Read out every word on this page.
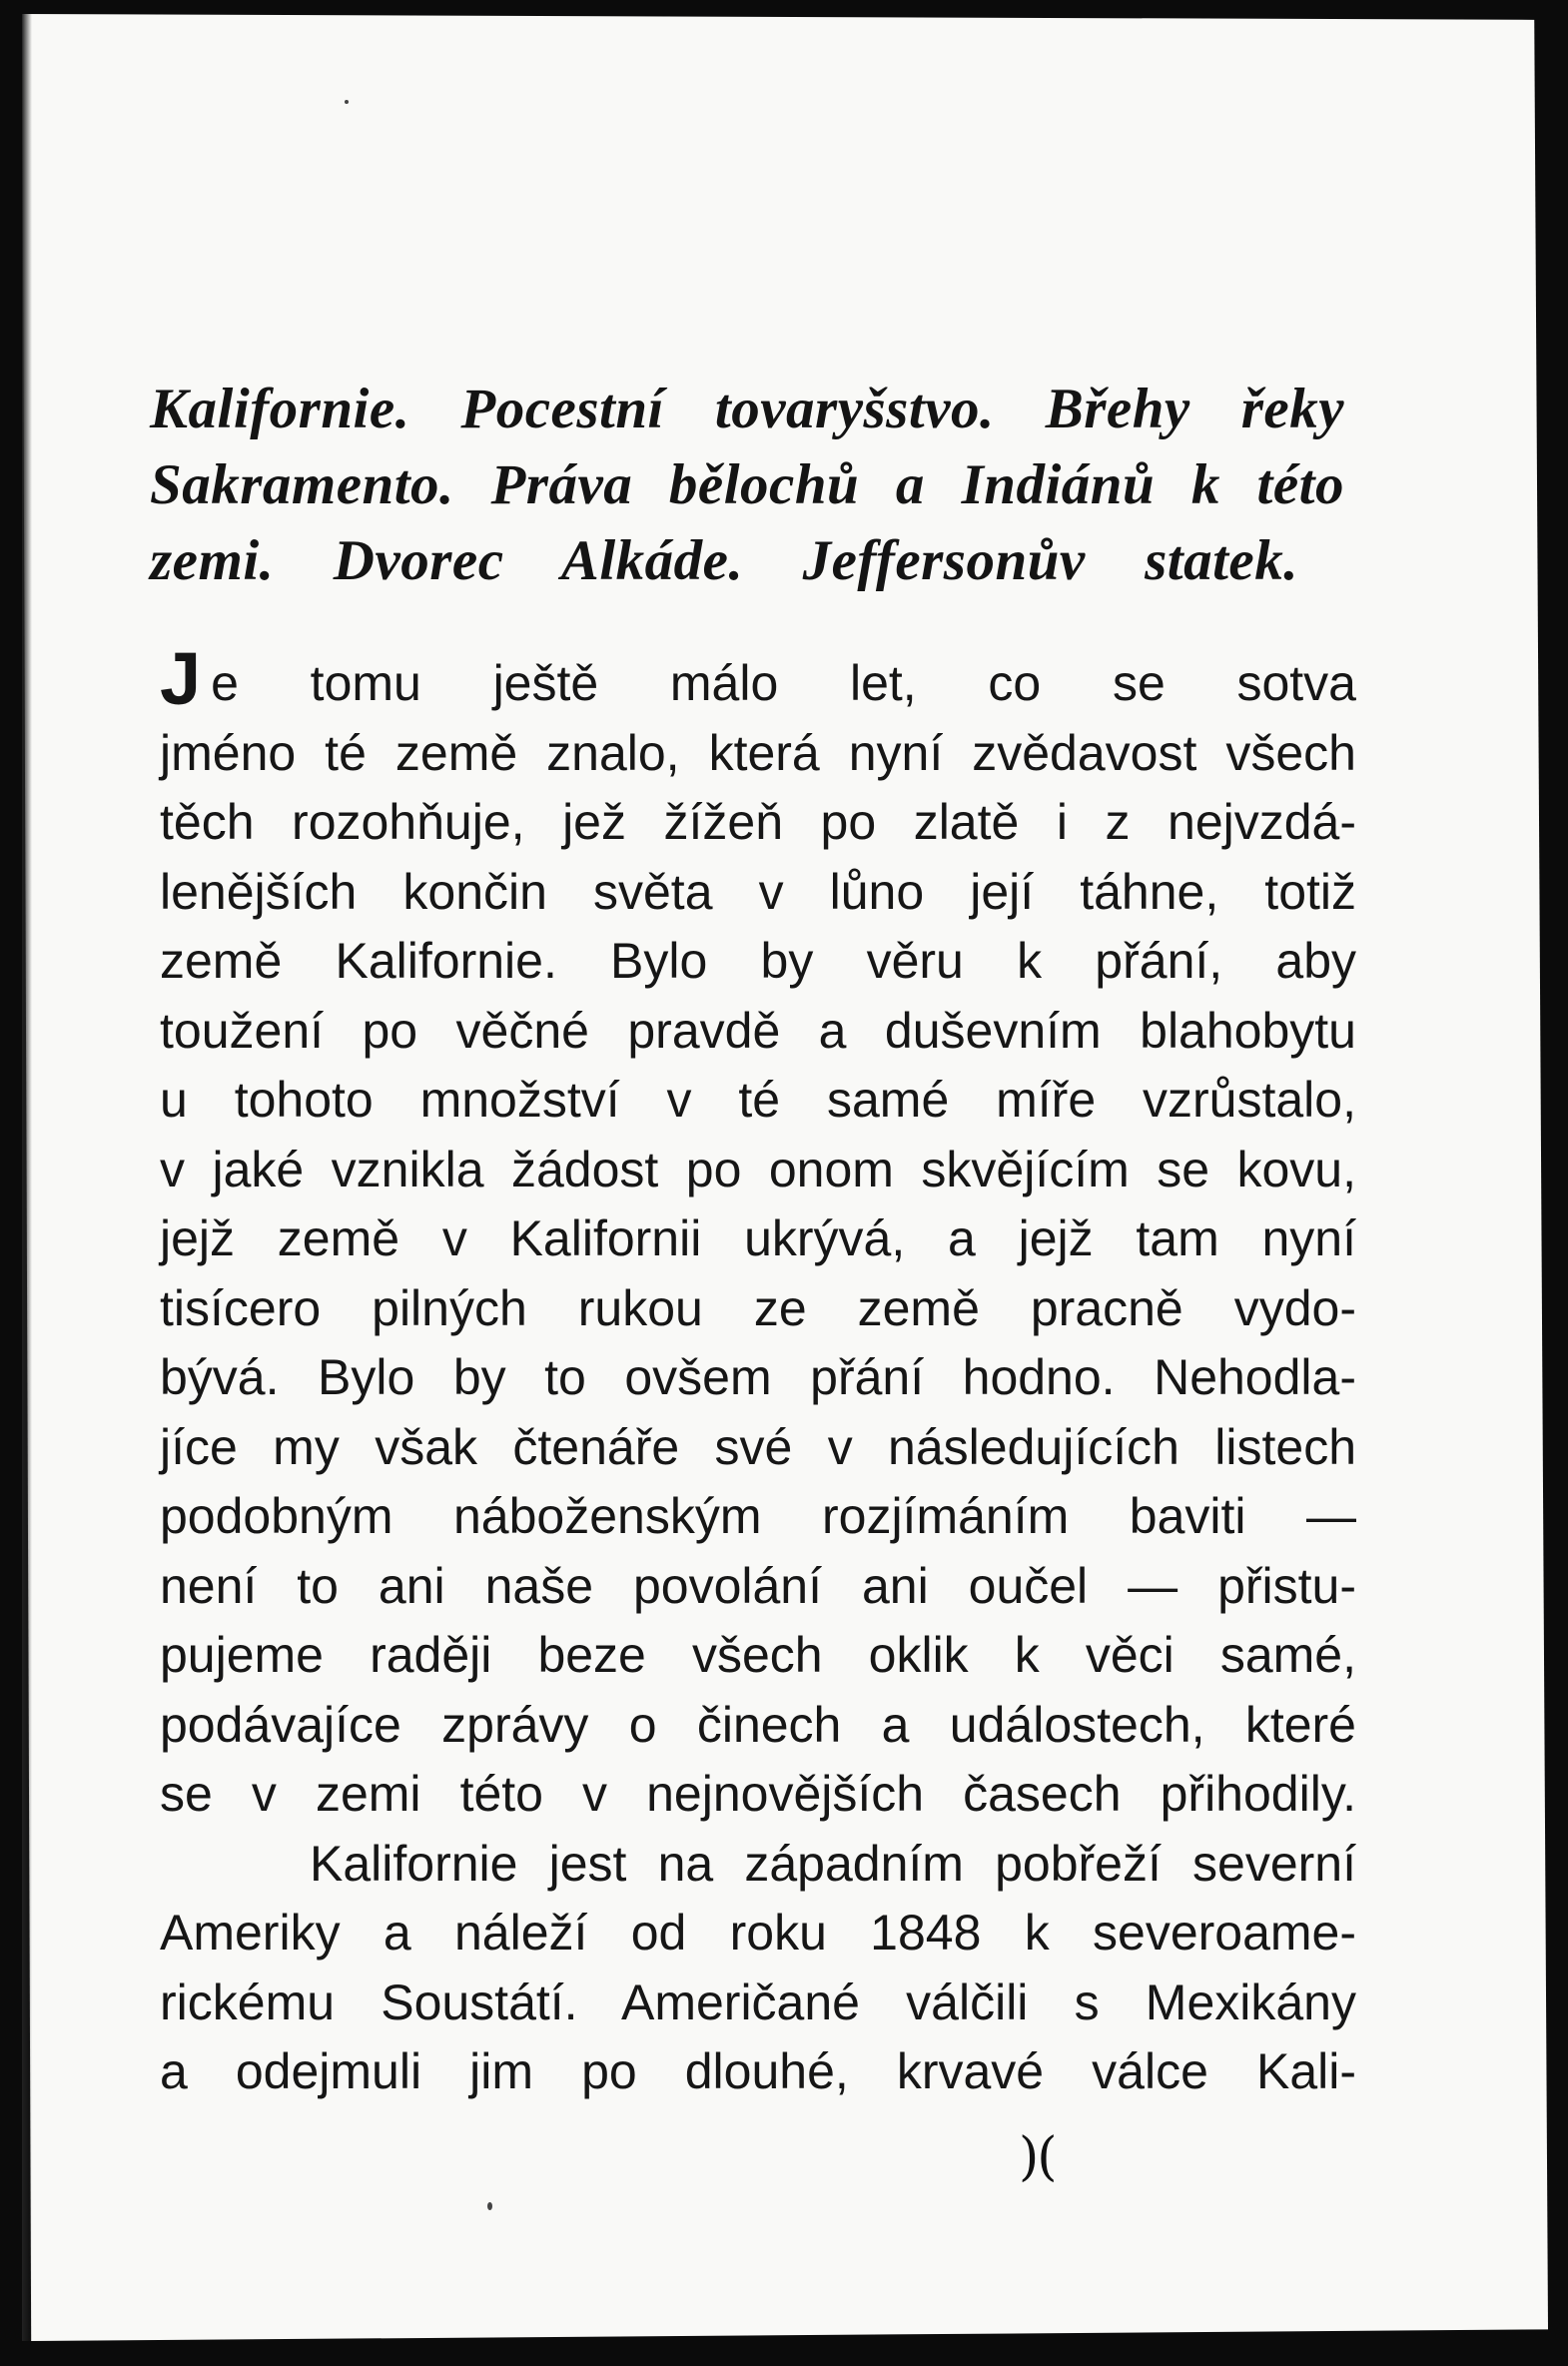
Kalifornie. Pocestní tovaryšstvo. Břehy řeky
Sakramento. Práva bělochů a Indiánů k této
zemi. Dvorec Alkáde. Jeffersonův statek.
J e tomu ještě málo let, co se sotva
jméno té země znalo, která nyní zvědavost všech
těch rozohňuje, jež žížeň po zlatě i z nejvzdá-
lenějších končin světa v lůno její táhne, totiž
země Kalifornie. Bylo by věru k přání, aby
toužení po věčné pravdě a duševním blahobytu
u tohoto množství v té samé míře vzrůstalo,
v jaké vznikla žádost po onom skvějícím se kovu,
jejž země v Kalifornii ukrývá, a jejž tam nyní
tisícero pilných rukou ze země pracně vydo-
bývá. Bylo by to ovšem přání hodno. Nehodla-
jíce my však čtenáře své v následujících listech
podobným náboženským rozjímáním baviti —
není to ani naše povolání ani oučel — přistu-
pujeme raději beze všech oklik k věci samé,
podávajíce zprávy o činech a událostech, které
se v zemi této v nejnovějších časech přihodily.
Kalifornie jest na západním pobřeží severní
Ameriky a náleží od roku 1848 k severoame-
rickému Soustátí. Američané válčili s Mexikány
a odejmuli jim po dlouhé, krvavé válce Kali-
)(
